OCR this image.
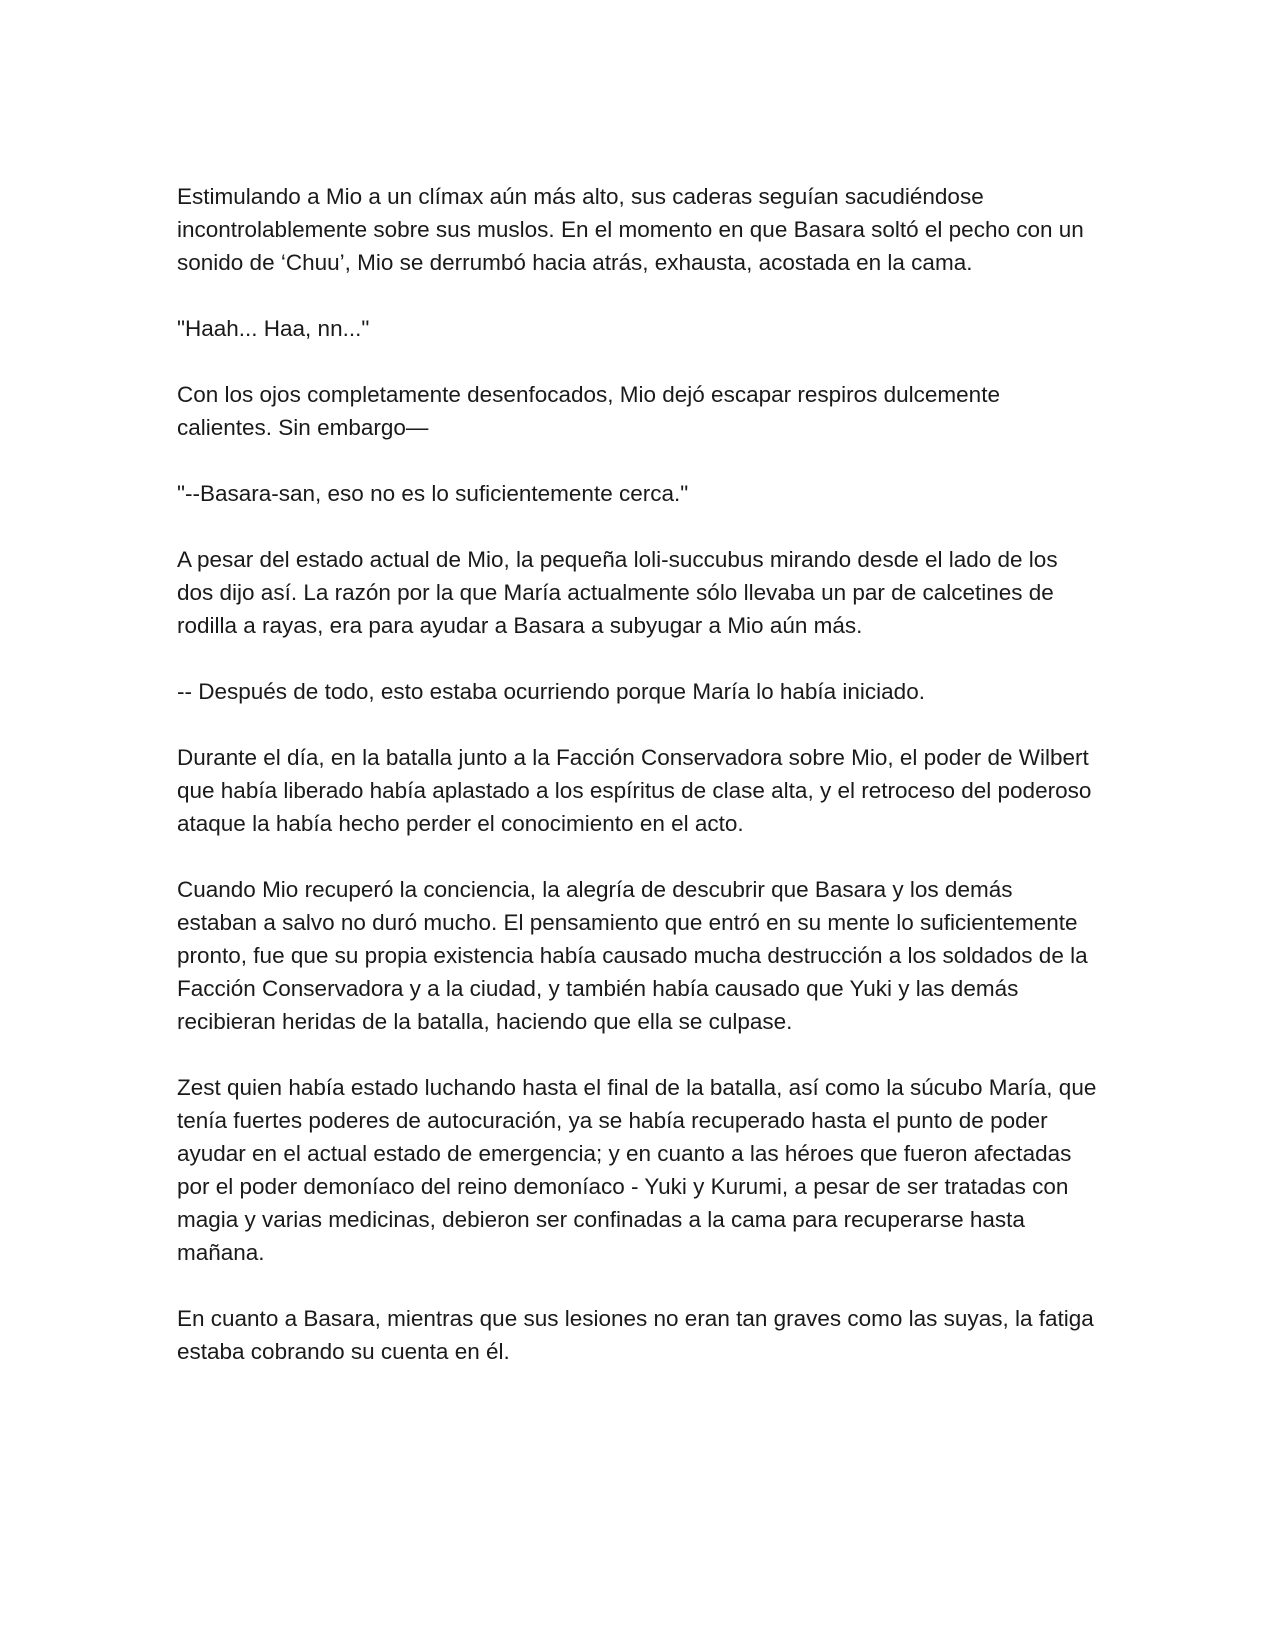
Estimulando a Mio a un clímax aún más alto, sus caderas seguían sacudiéndose incontrolablemente sobre sus muslos. En el momento en que Basara soltó el pecho con un sonido de ‘Chuu’, Mio se derrumbó hacia atrás, exhausta, acostada en la cama.

"Haah... Haa, nn..."

Con los ojos completamente desenfocados, Mio dejó escapar respiros dulcemente calientes. Sin embargo—

"--Basara-san, eso no es lo suficientemente cerca."

A pesar del estado actual de Mio, la pequeña loli-succubus mirando desde el lado de los dos dijo así. La razón por la que María actualmente sólo llevaba un par de calcetines de rodilla a rayas, era para ayudar a Basara a subyugar a Mio aún más.

-- Después de todo, esto estaba ocurriendo porque María lo había iniciado.

Durante el día, en la batalla junto a la Facción Conservadora sobre Mio, el poder de Wilbert que había liberado había aplastado a los espíritus de clase alta, y el retroceso del poderoso ataque la había hecho perder el conocimiento en el acto.

Cuando Mio recuperó la conciencia, la alegría de descubrir que Basara y los demás estaban a salvo no duró mucho. El pensamiento que entró en su mente lo suficientemente pronto, fue que su propia existencia había causado mucha destrucción a los soldados de la Facción Conservadora y a la ciudad, y también había causado que Yuki y las demás recibieran heridas de la batalla, haciendo que ella se culpase.

Zest quien había estado luchando hasta el final de la batalla, así como la súcubo María, que tenía fuertes poderes de autocuración, ya se había recuperado hasta el punto de poder ayudar en el actual estado de emergencia; y en cuanto a las héroes que fueron afectadas por el poder demoníaco del reino demoníaco - Yuki y Kurumi, a pesar de ser tratadas con magia y varias medicinas, debieron ser confinadas a la cama para recuperarse hasta mañana.

En cuanto a Basara, mientras que sus lesiones no eran tan graves como las suyas, la fatiga estaba cobrando su cuenta en él.
